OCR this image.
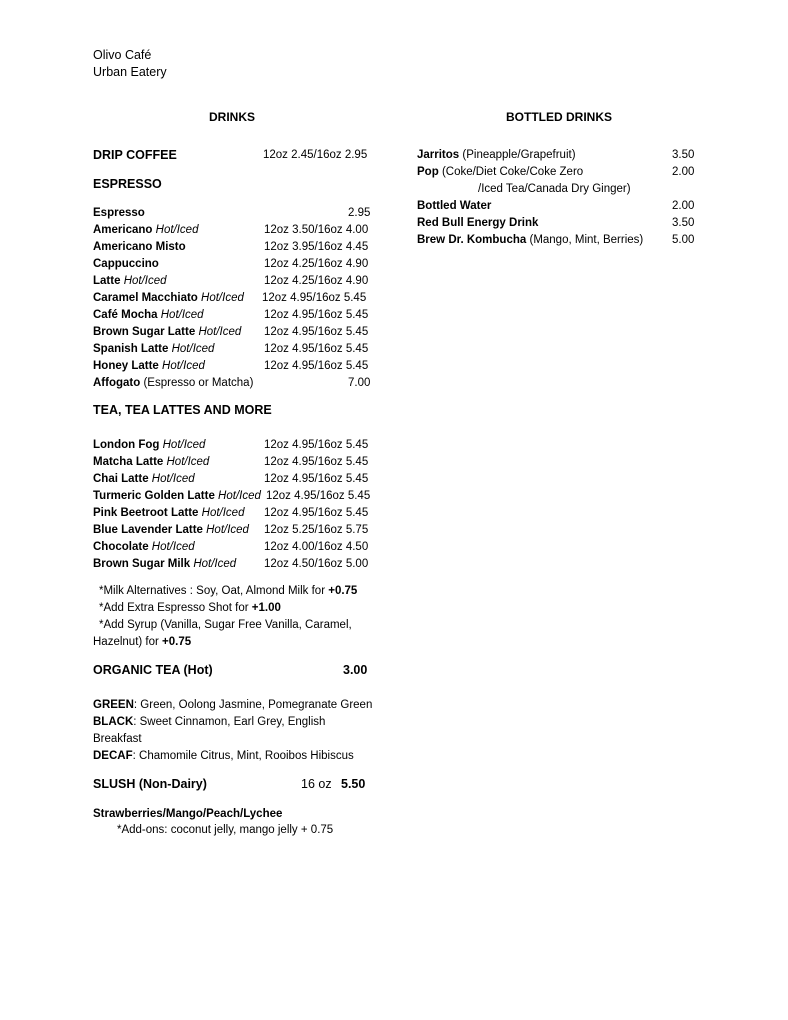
Olivo Café
Urban Eatery
DRINKS	BOTTLED DRINKS
DRIP COFFEE	12oz 2.45/16oz 2.95
ESPRESSO
Espresso	2.95
Americano Hot/Iced	12oz 3.50/16oz 4.00
Americano Misto	12oz 3.95/16oz 4.45
Cappuccino	12oz 4.25/16oz 4.90
Latte Hot/Iced	12oz 4.25/16oz 4.90
Caramel Macchiato Hot/Iced 12oz 4.95/16oz 5.45
Café Mocha Hot/Iced	12oz 4.95/16oz 5.45
Brown Sugar Latte Hot/Iced 12oz 4.95/16oz 5.45
Spanish Latte Hot/Iced	12oz 4.95/16oz 5.45
Honey Latte Hot/Iced	12oz 4.95/16oz 5.45
Affogato (Espresso or Matcha)	7.00
TEA, TEA LATTES AND MORE
London Fog Hot/Iced	12oz 4.95/16oz 5.45
Matcha Latte Hot/Iced	12oz 4.95/16oz 5.45
Chai Latte Hot/Iced	12oz 4.95/16oz 5.45
Turmeric Golden Latte Hot/Iced 12oz 4.95/16oz 5.45
Pink Beetroot Latte Hot/Iced 12oz 4.95/16oz 5.45
Blue Lavender Latte Hot/Iced 12oz 5.25/16oz 5.75
Chocolate Hot/Iced	12oz 4.00/16oz 4.50
Brown Sugar Milk Hot/Iced 12oz 4.50/16oz 5.00
*Milk Alternatives : Soy, Oat, Almond Milk for +0.75
*Add Extra Espresso Shot for +1.00
*Add Syrup (Vanilla, Sugar Free Vanilla, Caramel,
Hazelnut) for +0.75
ORGANIC TEA (Hot)	3.00
GREEN: Green, Oolong Jasmine, Pomegranate Green
BLACK: Sweet Cinnamon, Earl Grey, English
Breakfast
DECAF: Chamomile Citrus, Mint, Rooibos Hibiscus
SLUSH (Non-Dairy)	16 oz 5.50
Strawberries/Mango/Peach/Lychee
*Add-ons: coconut jelly, mango jelly + 0.75
Jarritos (Pineapple/Grapefruit)	3.50
Pop (Coke/Diet Coke/Coke Zero	2.00
/Iced Tea/Canada Dry Ginger)
Bottled Water	2.00
Red Bull Energy Drink	3.50
Brew Dr. Kombucha (Mango, Mint, Berries)	5.00
